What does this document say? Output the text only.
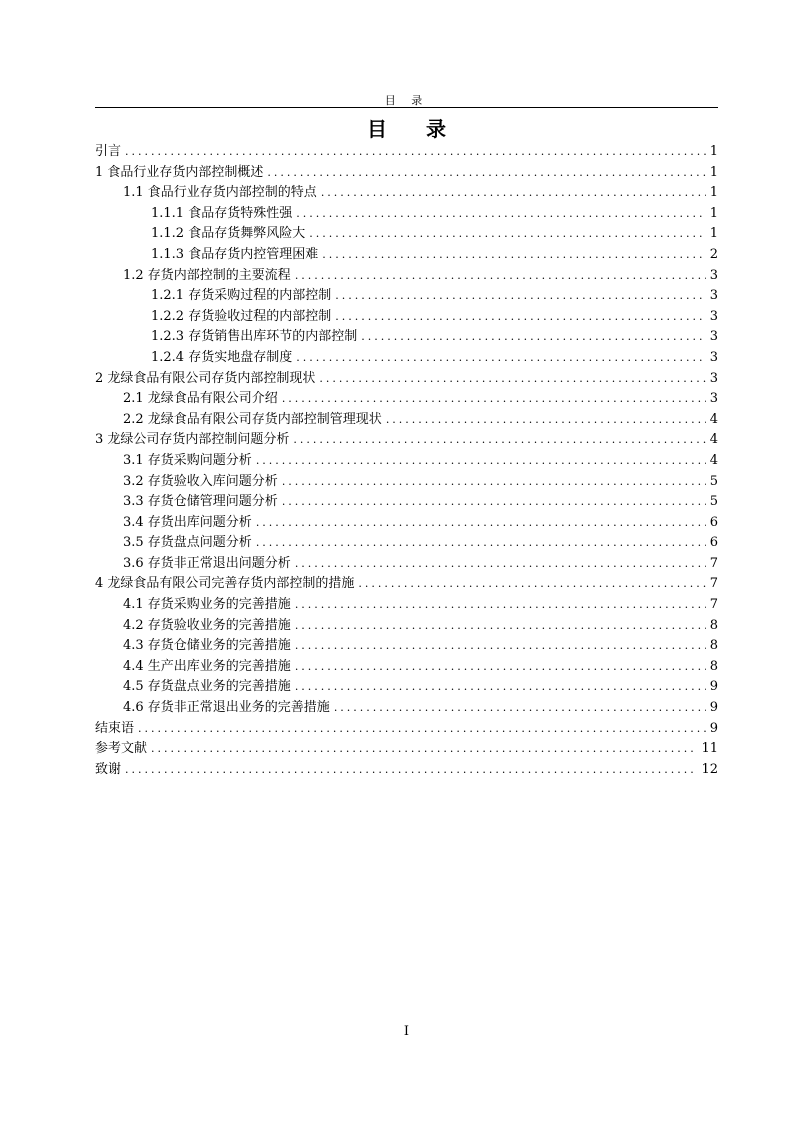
目 录
目 录
引言 .....	1
1 食品行业存货内部控制概述 .....	1
1.1 食品行业存货内部控制的特点 .....	1
1.1.1 食品存货特殊性强 .....	1
1.1.2 食品存货舞弊风险大 .....	1
1.1.3 食品存货内控管理困难 .....	2
1.2 存货内部控制的主要流程 .....	3
1.2.1 存货采购过程的内部控制 .....	3
1.2.2 存货验收过程的内部控制 .....	3
1.2.3 存货销售出库环节的内部控制 .....	3
1.2.4 存货实地盘存制度 .....	3
2 龙绿食品有限公司存货内部控制现状 .....	3
2.1 龙绿食品有限公司介绍 .....	3
2.2 龙绿食品有限公司存货内部控制管理现状 .....	4
3 龙绿公司存货内部控制问题分析 .....	4
3.1 存货采购问题分析 .....	4
3.2 存货验收入库问题分析 .....	5
3.3 存货仓储管理问题分析 .....	5
3.4 存货出库问题分析 .....	6
3.5 存货盘点问题分析 .....	6
3.6 存货非正常退出问题分析 .....	7
4 龙绿食品有限公司完善存货内部控制的措施 .....	7
4.1 存货采购业务的完善措施 .....	7
4.2 存货验收业务的完善措施 .....	8
4.3 存货仓储业务的完善措施 .....	8
4.4 生产出库业务的完善措施 .....	8
4.5 存货盘点业务的完善措施 .....	9
4.6 存货非正常退出业务的完善措施 .....	9
结束语 .....	9
参考文献 .....	11
致谢 .....	12
I
